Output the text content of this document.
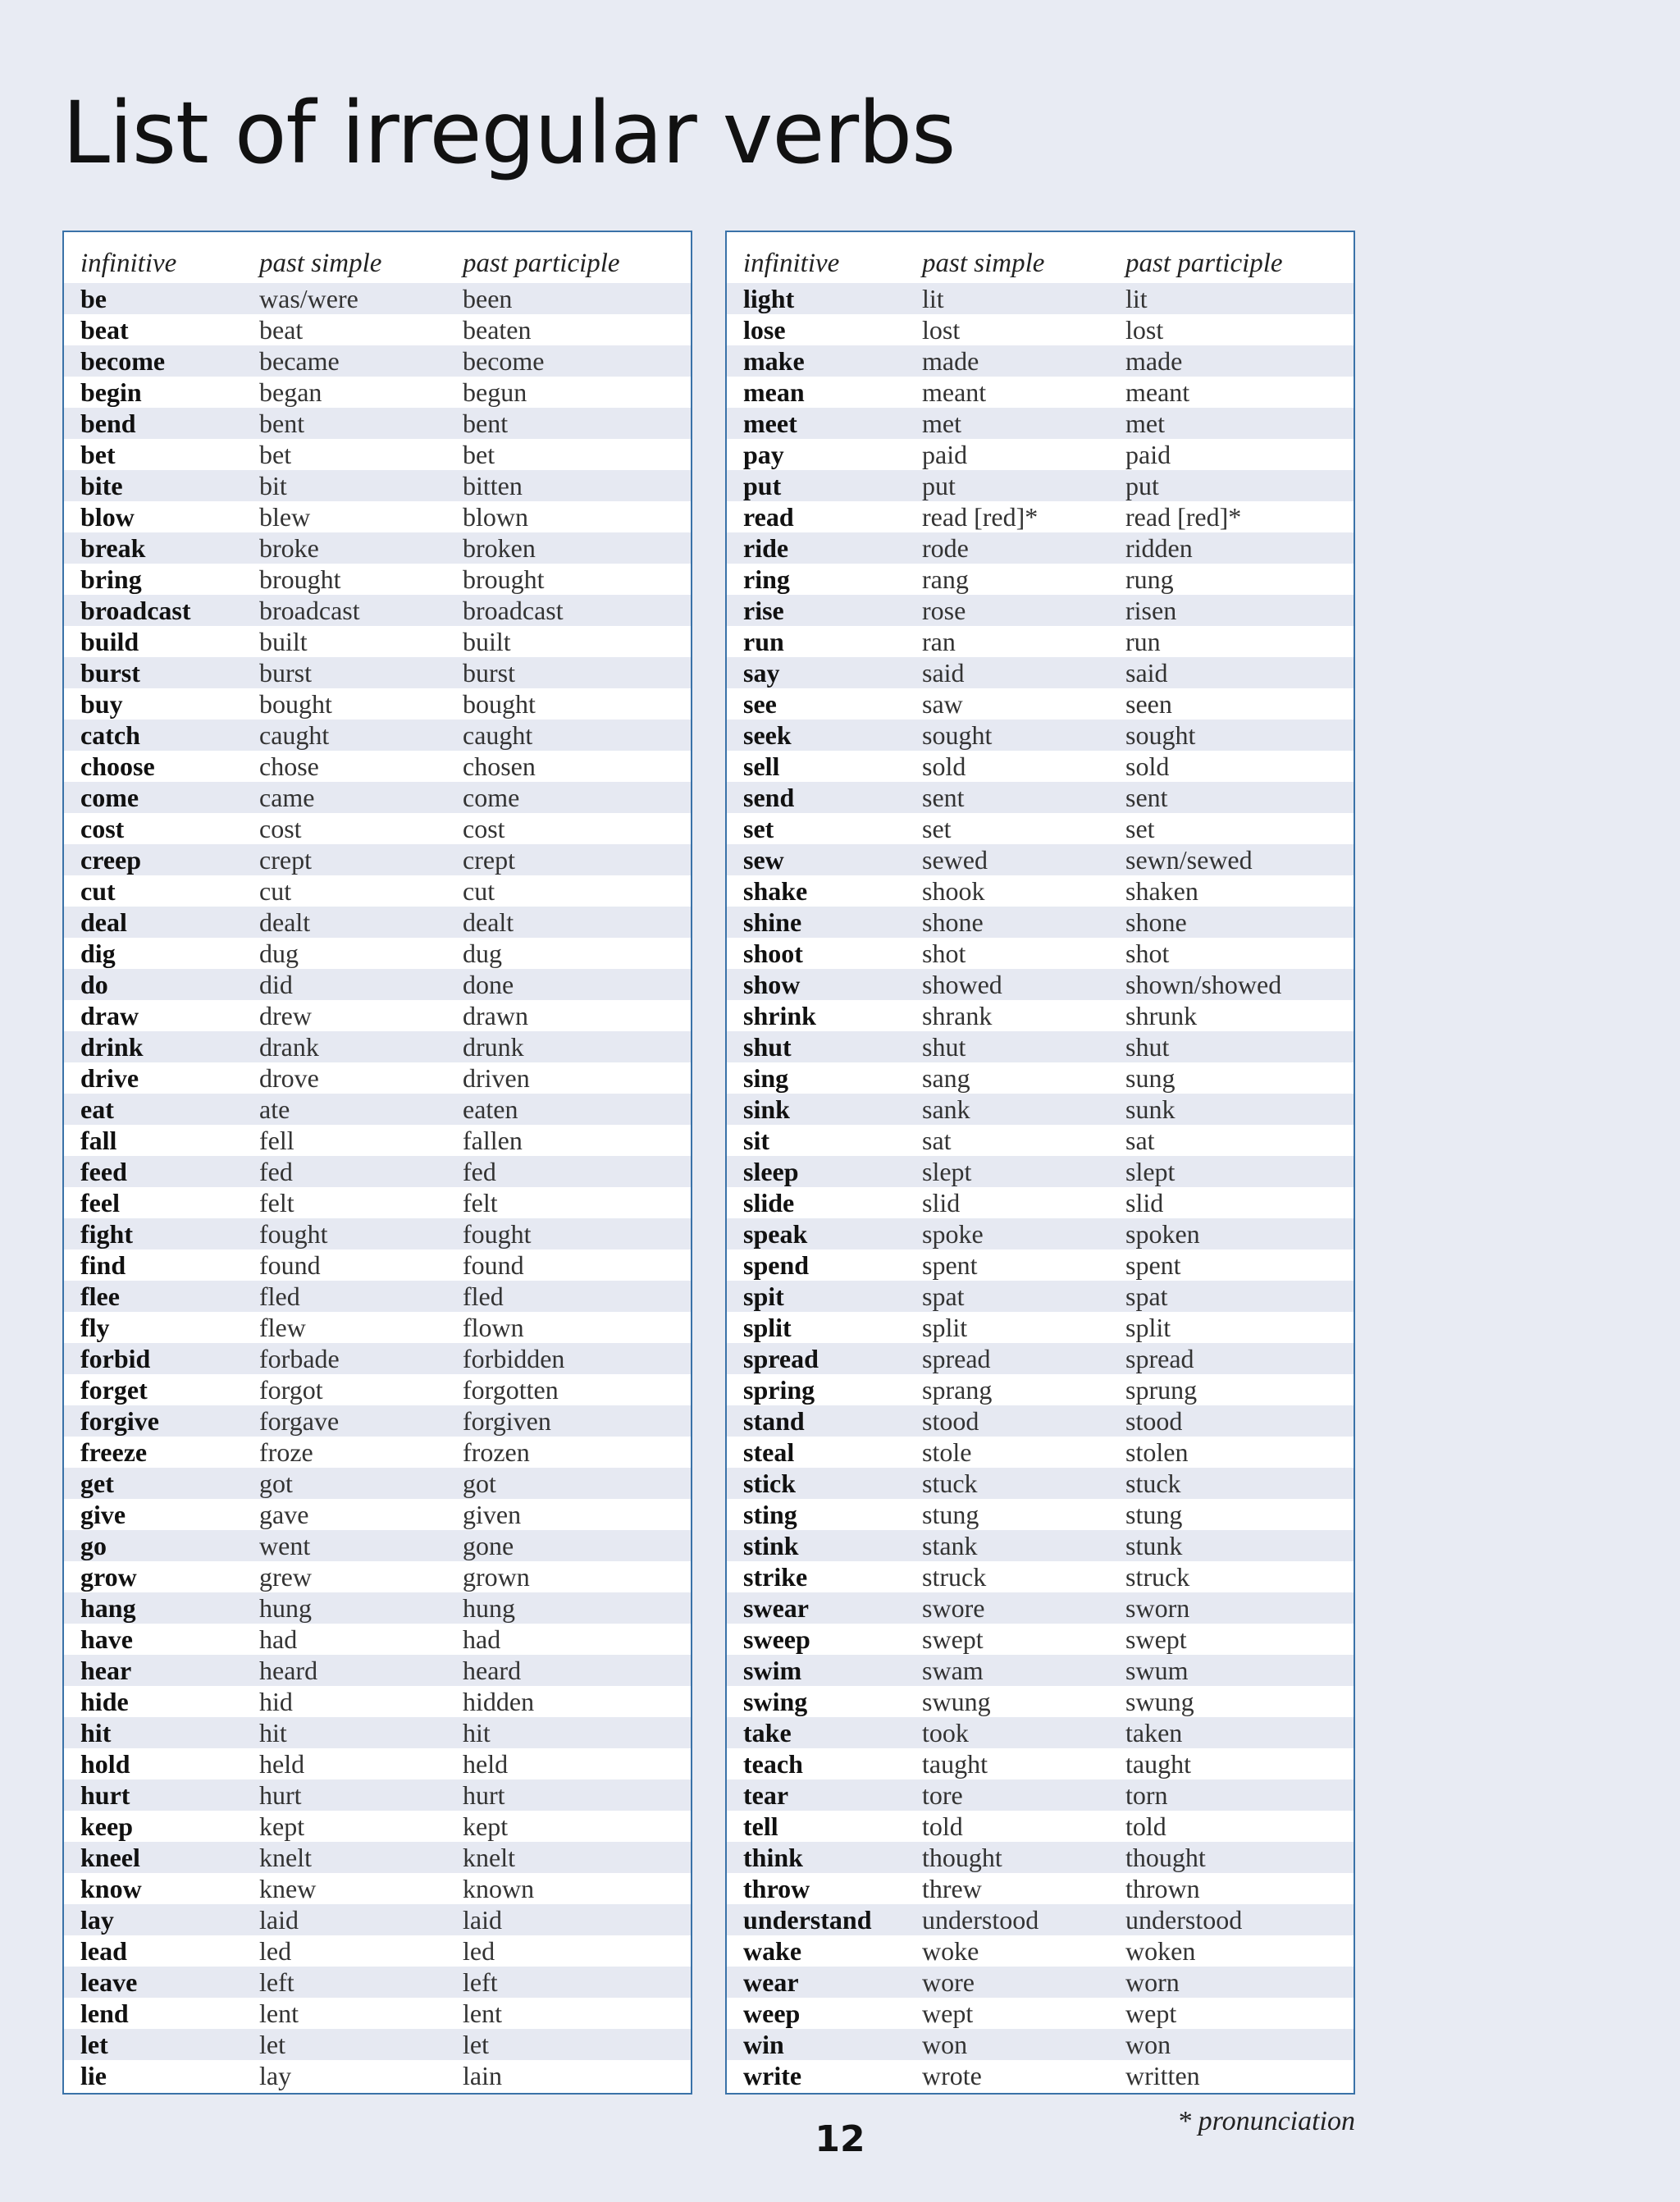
List of irregular verbs
infinitive	past simple	past participle
be	was/were	been
beat	beat	beaten
become	became	become
begin	began	begun
bend	bent	bent
bet	bet	bet
bite	bit	bitten
blow	blew	blown
break	broke	broken
bring	brought	brought
broadcast	broadcast	broadcast
build	built	built
burst	burst	burst
buy	bought	bought
catch	caught	caught
choose	chose	chosen
come	came	come
cost	cost	cost
creep	crept	crept
cut	cut	cut
deal	dealt	dealt
dig	dug	dug
do	did	done
draw	drew	drawn
drink	drank	drunk
drive	drove	driven
eat	ate	eaten
fall	fell	fallen
feed	fed	fed
feel	felt	felt
fight	fought	fought
find	found	found
flee	fled	fled
fly	flew	flown
forbid	forbade	forbidden
forget	forgot	forgotten
forgive	forgave	forgiven
freeze	froze	frozen
get	got	got
give	gave	given
go	went	gone
grow	grew	grown
hang	hung	hung
have	had	had
hear	heard	heard
hide	hid	hidden
hit	hit	hit
hold	held	held
hurt	hurt	hurt
keep	kept	kept
kneel	knelt	knelt
know	knew	known
lay	laid	laid
lead	led	led
leave	left	left
lend	lent	lent
let	let	let
lie	lay	lain
infinitive	past simple	past participle
light	lit	lit
lose	lost	lost
make	made	made
mean	meant	meant
meet	met	met
pay	paid	paid
put	put	put
read	read [red]*	read [red]*
ride	rode	ridden
ring	rang	rung
rise	rose	risen
run	ran	run
say	said	said
see	saw	seen
seek	sought	sought
sell	sold	sold
send	sent	sent
set	set	set
sew	sewed	sewn/sewed
shake	shook	shaken
shine	shone	shone
shoot	shot	shot
show	showed	shown/showed
shrink	shrank	shrunk
shut	shut	shut
sing	sang	sung
sink	sank	sunk
sit	sat	sat
sleep	slept	slept
slide	slid	slid
speak	spoke	spoken
spend	spent	spent
spit	spat	spat
split	split	split
spread	spread	spread
spring	sprang	sprung
stand	stood	stood
steal	stole	stolen
stick	stuck	stuck
sting	stung	stung
stink	stank	stunk
strike	struck	struck
swear	swore	sworn
sweep	swept	swept
swim	swam	swum
swing	swung	swung
take	took	taken
teach	taught	taught
tear	tore	torn
tell	told	told
think	thought	thought
throw	threw	thrown
understand	understood	understood
wake	woke	woken
wear	wore	worn
weep	wept	wept
win	won	won
write	wrote	written
* pronunciation
12
